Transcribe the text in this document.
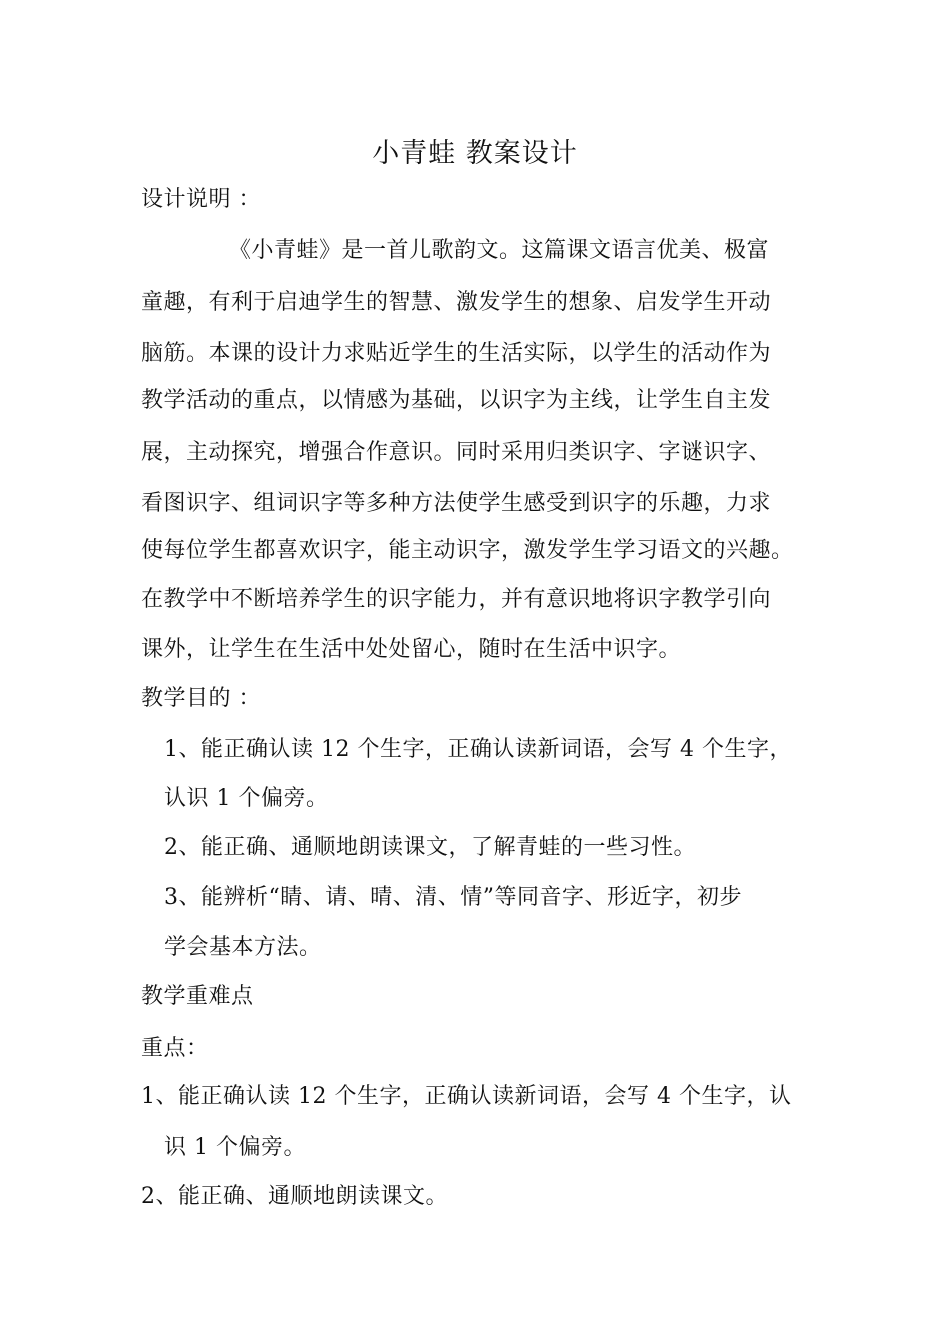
小青蛙 教案设计
设计说明 ：
《小青蛙》是一首儿歌韵文。这篇课文语言优美、极富
童趣，有利于启迪学生的智慧、激发学生的想象、启发学生开动
脑筋。本课的设计力求贴近学生的生活实际，以学生的活动作为
教学活动的重点，以情感为基础，以识字为主线，让学生自主发
展，主动探究，增强合作意识。同时采用归类识字、字谜识字、
看图识字、组词识字等多种方法使学生感受到识字的乐趣，力求
使每位学生都喜欢识字，能主动识字，激发学生学习语文的兴趣。
在教学中不断培养学生的识字能力，并有意识地将识字教学引向
课外，让学生在生活中处处留心，随时在生活中识字。
教学目的 ：
1、能正确认读 12 个生字，正确认读新词语，会写 4 个生字，
认识 1 个偏旁。
2、能正确、通顺地朗读课文，了解青蛙的一些习性。
3、能辨析“睛、请、晴、清、情”等同音字、形近字，初步
学会基本方法。
教学重难点
重点：
1、能正确认读 12 个生字，正确认读新词语，会写 4 个生字，认
识 1 个偏旁。
2、能正确、通顺地朗读课文。
